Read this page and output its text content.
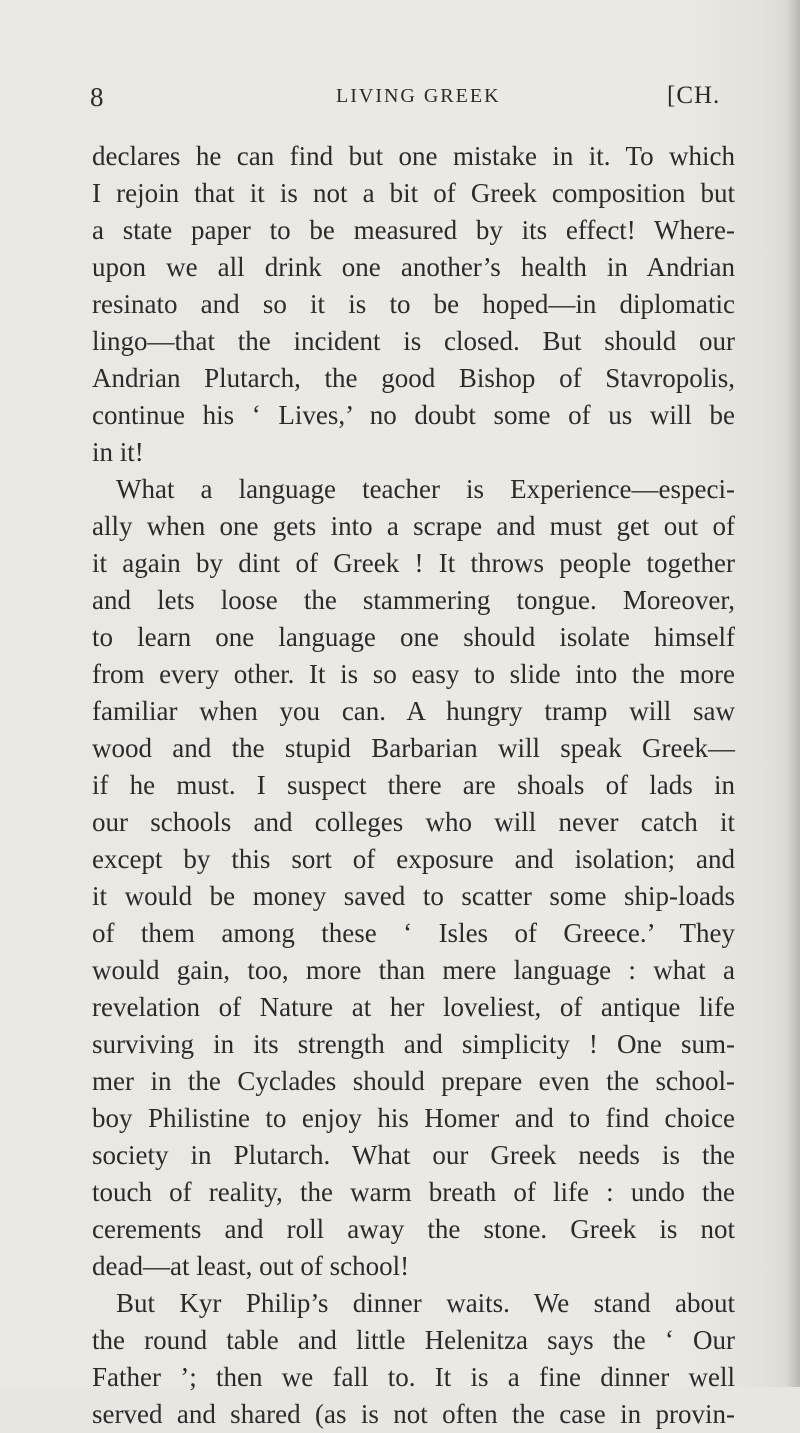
8	LIVING GREEK	[CH.
declares he can find but one mistake in it. To which
I rejoin that it is not a bit of Greek composition but
a state paper to be measured by its effect! Where-
upon we all drink one another’s health in Andrian
resinato and so it is to be hoped—in diplomatic
lingo—that the incident is closed. But should our
Andrian Plutarch, the good Bishop of Stavropolis,
continue his ‘ Lives,’ no doubt some of us will be
in it!
What a language teacher is Experience—especi-
ally when one gets into a scrape and must get out of
it again by dint of Greek ! It throws people together
and lets loose the stammering tongue. Moreover,
to learn one language one should isolate himself
from every other. It is so easy to slide into the more
familiar when you can. A hungry tramp will saw
wood and the stupid Barbarian will speak Greek—
if he must. I suspect there are shoals of lads in
our schools and colleges who will never catch it
except by this sort of exposure and isolation; and
it would be money saved to scatter some ship-loads
of them among these ‘ Isles of Greece.’ They
would gain, too, more than mere language : what a
revelation of Nature at her loveliest, of antique life
surviving in its strength and simplicity ! One sum-
mer in the Cyclades should prepare even the school-
boy Philistine to enjoy his Homer and to find choice
society in Plutarch. What our Greek needs is the
touch of reality, the warm breath of life : undo the
cerements and roll away the stone. Greek is not
dead—at least, out of school!
But Kyr Philip’s dinner waits. We stand about
the round table and little Helenitza says the ‘ Our
Father ’; then we fall to. It is a fine dinner well
served and shared (as is not often the case in provin-
